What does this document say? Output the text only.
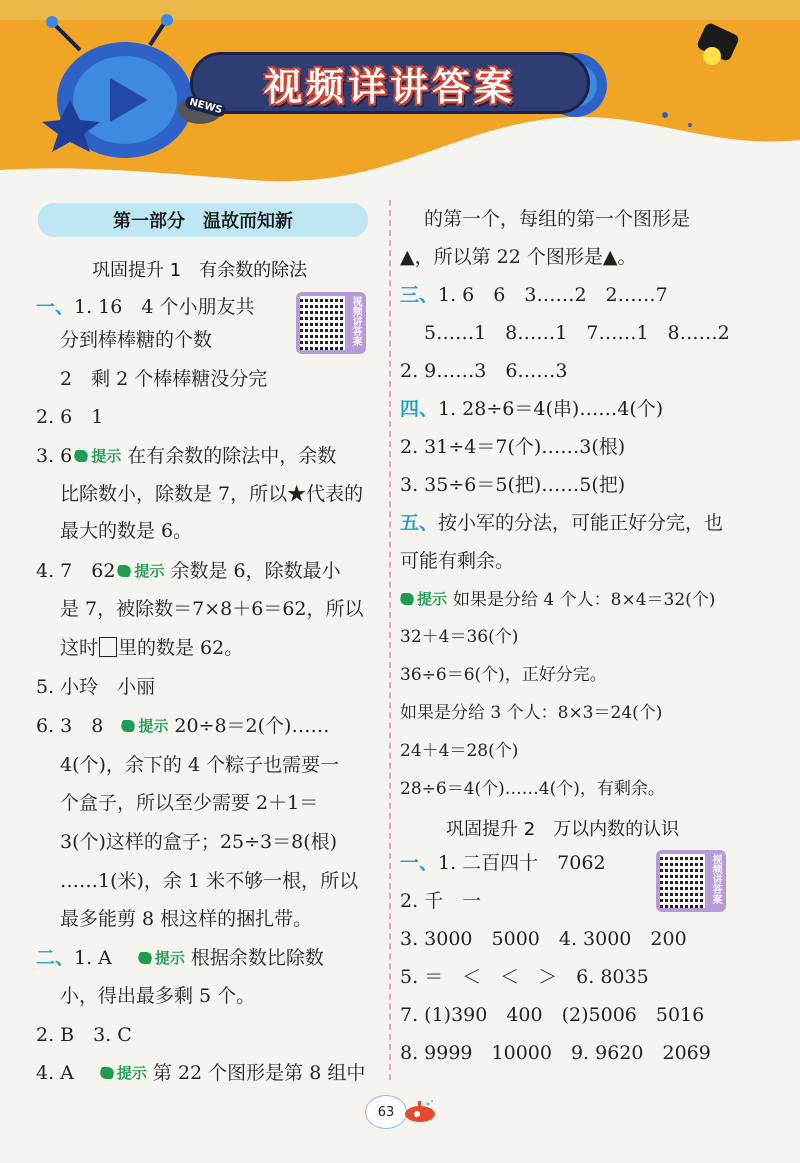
视频详讲答案
NEWS
第一部分　温故而知新
巩固提升 1　有余数的除法
视频讲答案
一、1. 16　4 个小朋友共
分到棒棒糖的个数
2　剩 2 个棒棒糖没分完
2. 6　1
3. 6 提示 在有余数的除法中，余数
比除数小，除数是 7，所以★代表的
最大的数是 6。
4. 7　62 提示 余数是 6，除数最小
是 7，被除数＝7×8＋6＝62，所以
这时 里的数是 62。
5. 小玲　小丽
6. 3　8 提示 20÷8＝2(个)……
4(个)，余下的 4 个粽子也需要一
个盒子，所以至少需要 2＋1＝
3(个)这样的盒子；25÷3＝8(根)
……1(米)，余 1 米不够一根，所以
最多能剪 8 根这样的捆扎带。
二、1. A	提示 根据余数比除数
小，得出最多剩 5 个。
2. B　3. C
4. A	提示 第 22 个图形是第 8 组中
的第一个，每组的第一个图形是
▲，所以第 22 个图形是▲。
三、1. 6　6　3……2　2……7
5……1　8……1　7……1　8……2
2. 9……3　6……3
四、1. 28÷6＝4(串)……4(个)
2. 31÷4＝7(个)……3(根)
3. 35÷6＝5(把)……5(把)
五、按小军的分法，可能正好分完，也
可能有剩余。
提示 如果是分给 4 个人：8×4＝32(个)
32＋4＝36(个)
36÷6＝6(个)，正好分完。
如果是分给 3 个人：8×3＝24(个)
24＋4＝28(个)
28÷6＝4(个)……4(个)，有剩余。
巩固提升 2　万以内数的认识
视频讲答案
一、1. 二百四十　7062
2. 千　一
3. 3000　5000　4. 3000　200
5. ＝　＜　＜　＞　6. 8035
7. (1)390　400　(2)5006　5016
8. 9999　10000　9. 9620　2069
63
